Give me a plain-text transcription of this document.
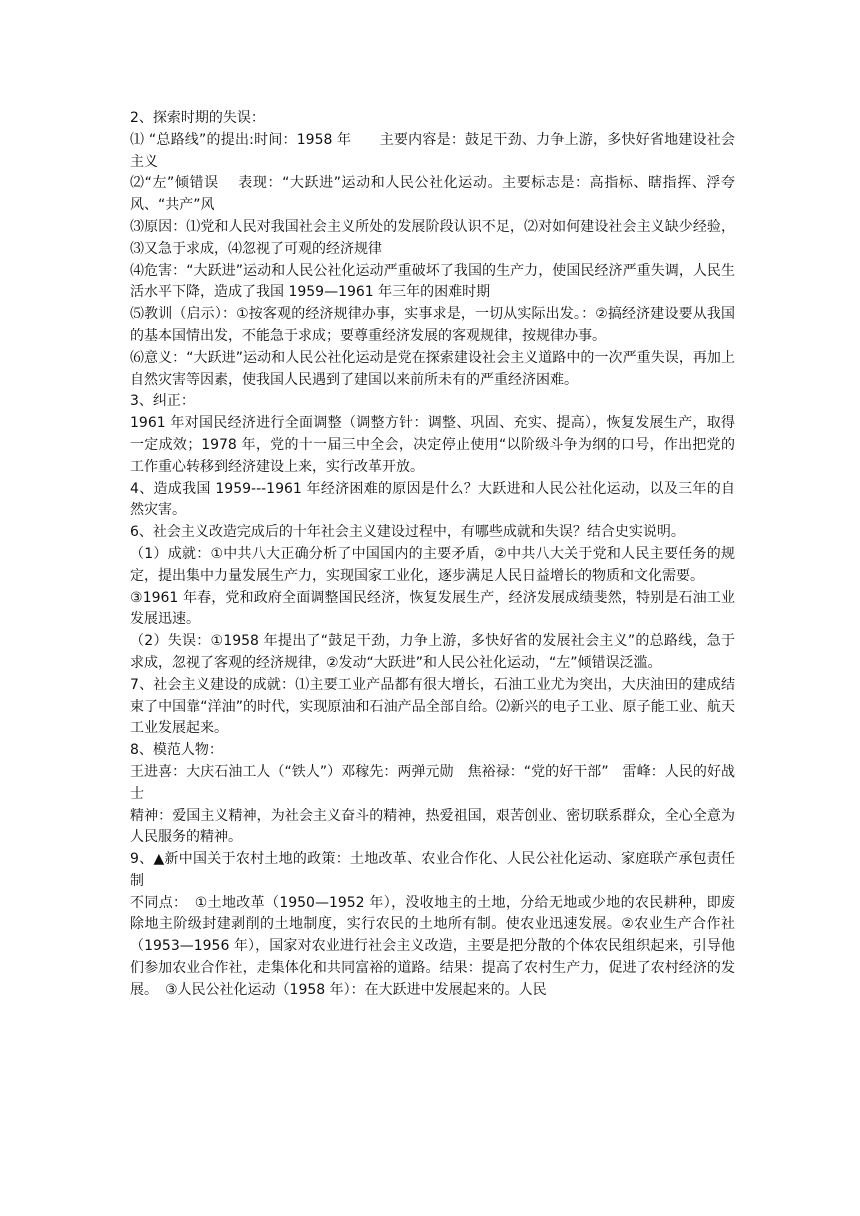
2、探索时期的失误：

⑴ “总路线”的提出:时间：1958 年　　主要内容是：鼓足干劲、力争上游，多快好省地建设社会主义

⑵“左”倾错误　 表现：“大跃进”运动和人民公社化运动。主要标志是：高指标、瞎指挥、浮夸风、“共产”风

⑶原因：⑴党和人民对我国社会主义所处的发展阶段认识不足，⑵对如何建设社会主义缺少经验，⑶又急于求成，⑷忽视了可观的经济规律

⑷危害：“大跃进”运动和人民公社化运动严重破坏了我国的生产力，使国民经济严重失调，人民生活水平下降，造成了我国 1959—1961 年三年的困难时期

⑸教训（启示）：①按客观的经济规律办事，实事求是，一切从实际出发。：②搞经济建设要从我国的基本国情出发，不能急于求成；要尊重经济发展的客观规律，按规律办事。

⑹意义：“大跃进”运动和人民公社化运动是党在探索建设社会主义道路中的一次严重失误，再加上自然灾害等因素，使我国人民遇到了建国以来前所未有的严重经济困难。

3、纠正：

1961 年对国民经济进行全面调整（调整方针：调整、巩固、充实、提高），恢复发展生产，取得一定成效；1978 年，党的十一届三中全会，决定停止使用“以阶级斗争为纲的口号，作出把党的工作重心转移到经济建设上来，实行改革开放。

4、造成我国 1959---1961 年经济困难的原因是什么？大跃进和人民公社化运动，以及三年的自然灾害。

6、社会主义改造完成后的十年社会主义建设过程中，有哪些成就和失误？结合史实说明。

（1）成就：①中共八大正确分析了中国国内的主要矛盾，②中共八大关于党和人民主要任务的规定，提出集中力量发展生产力，实现国家工业化，逐步满足人民日益增长的物质和文化需要。

③1961 年春，党和政府全面调整国民经济，恢复发展生产，经济发展成绩斐然，特别是石油工业发展迅速。

（2）失误：①1958 年提出了“鼓足干劲，力争上游，多快好省的发展社会主义”的总路线，急于求成，忽视了客观的经济规律，②发动“大跃进”和人民公社化运动，“左”倾错误泛滥。

7、社会主义建设的成就：⑴主要工业产品都有很大增长，石油工业尤为突出，大庆油田的建成结束了中国靠“洋油”的时代，实现原油和石油产品全部自给。⑵新兴的电子工业、原子能工业、航天工业发展起来。

8、模范人物：

王进喜：大庆石油工人（“铁人”）邓稼先：两弹元勋　焦裕禄：“党的好干部”　雷峰：人民的好战士

精神：爱国主义精神，为社会主义奋斗的精神，热爱祖国，艰苦创业、密切联系群众，全心全意为人民服务的精神。

9、▲新中国关于农村土地的政策：土地改革、农业合作化、人民公社化运动、家庭联产承包责任制

不同点：　①土地改革（1950—1952 年），没收地主的土地，分给无地或少地的农民耕种，即废除地主阶级封建剥削的土地制度，实行农民的土地所有制。使农业迅速发展。②农业生产合作社（1953—1956 年），国家对农业进行社会主义改造，主要是把分散的个体农民组织起来，引导他们参加农业合作社，走集体化和共同富裕的道路。结果：提高了农村生产力，促进了农村经济的发展。　③人民公社化运动（1958 年）：在大跃进中发展起来的。人民
